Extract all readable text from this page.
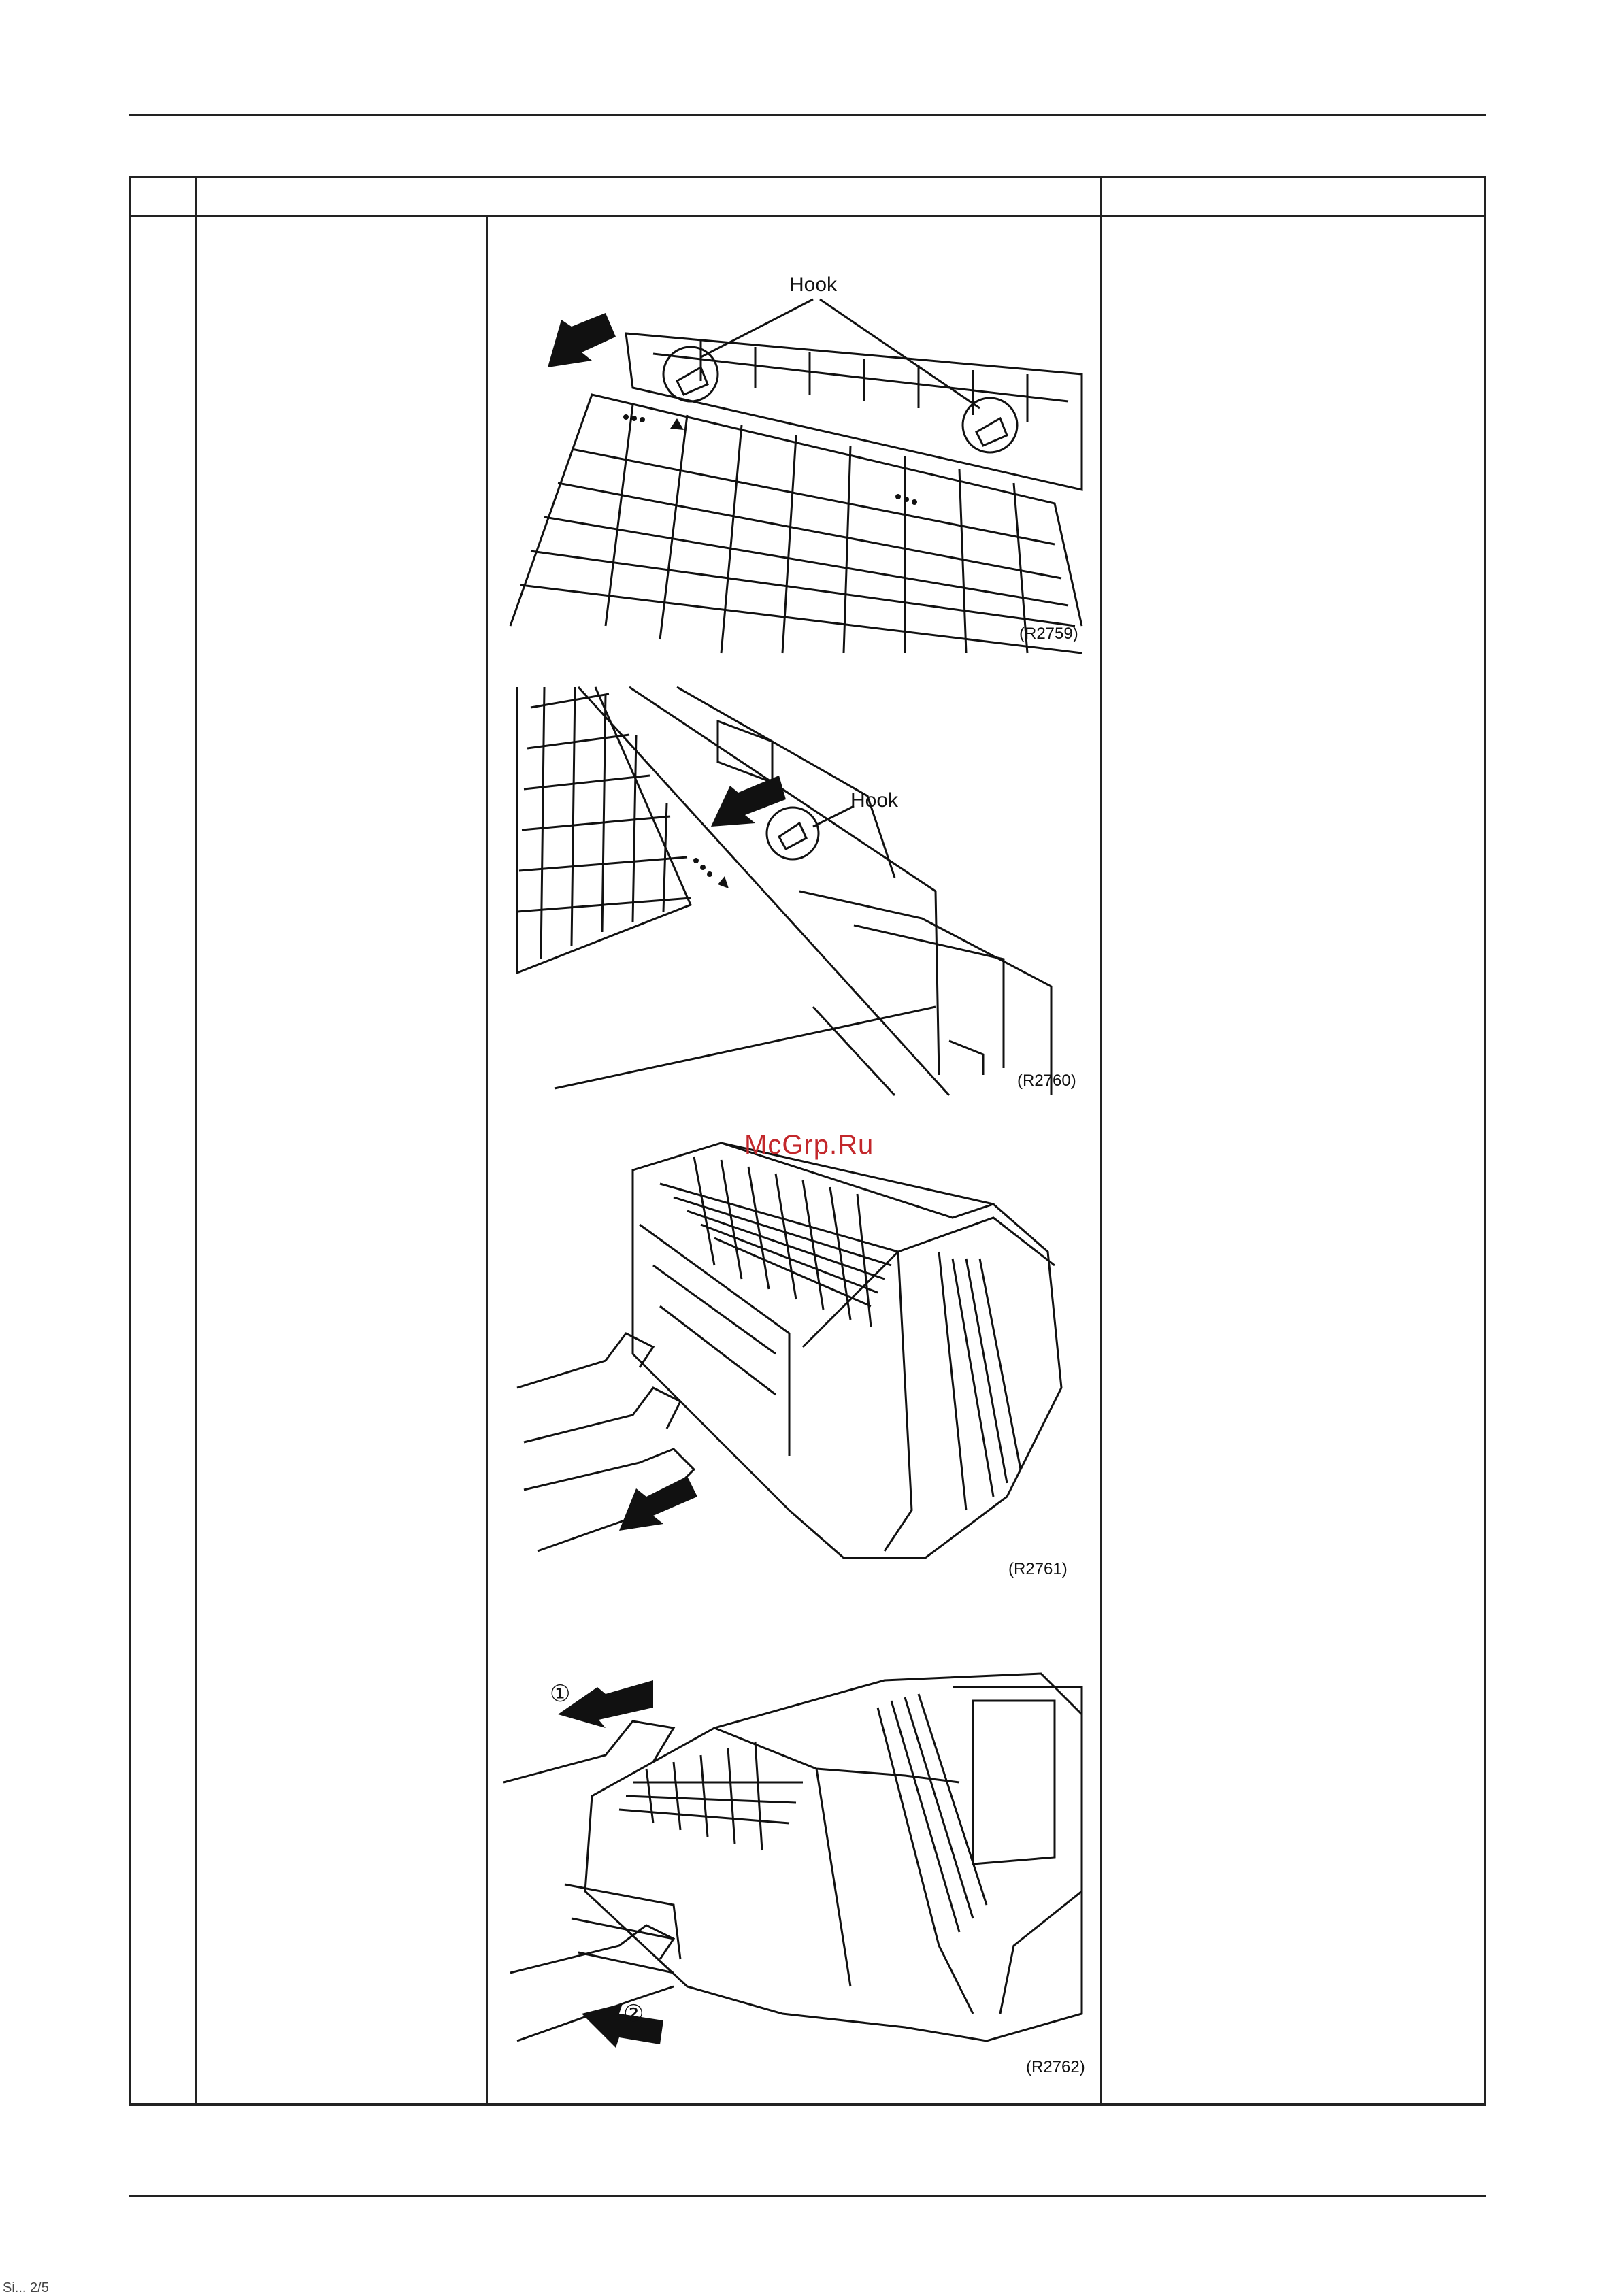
Hook
(R2759)
Hook
(R2760)
(R2761)
①
②
(R2762)
McGrp.Ru
Si... 2/5
